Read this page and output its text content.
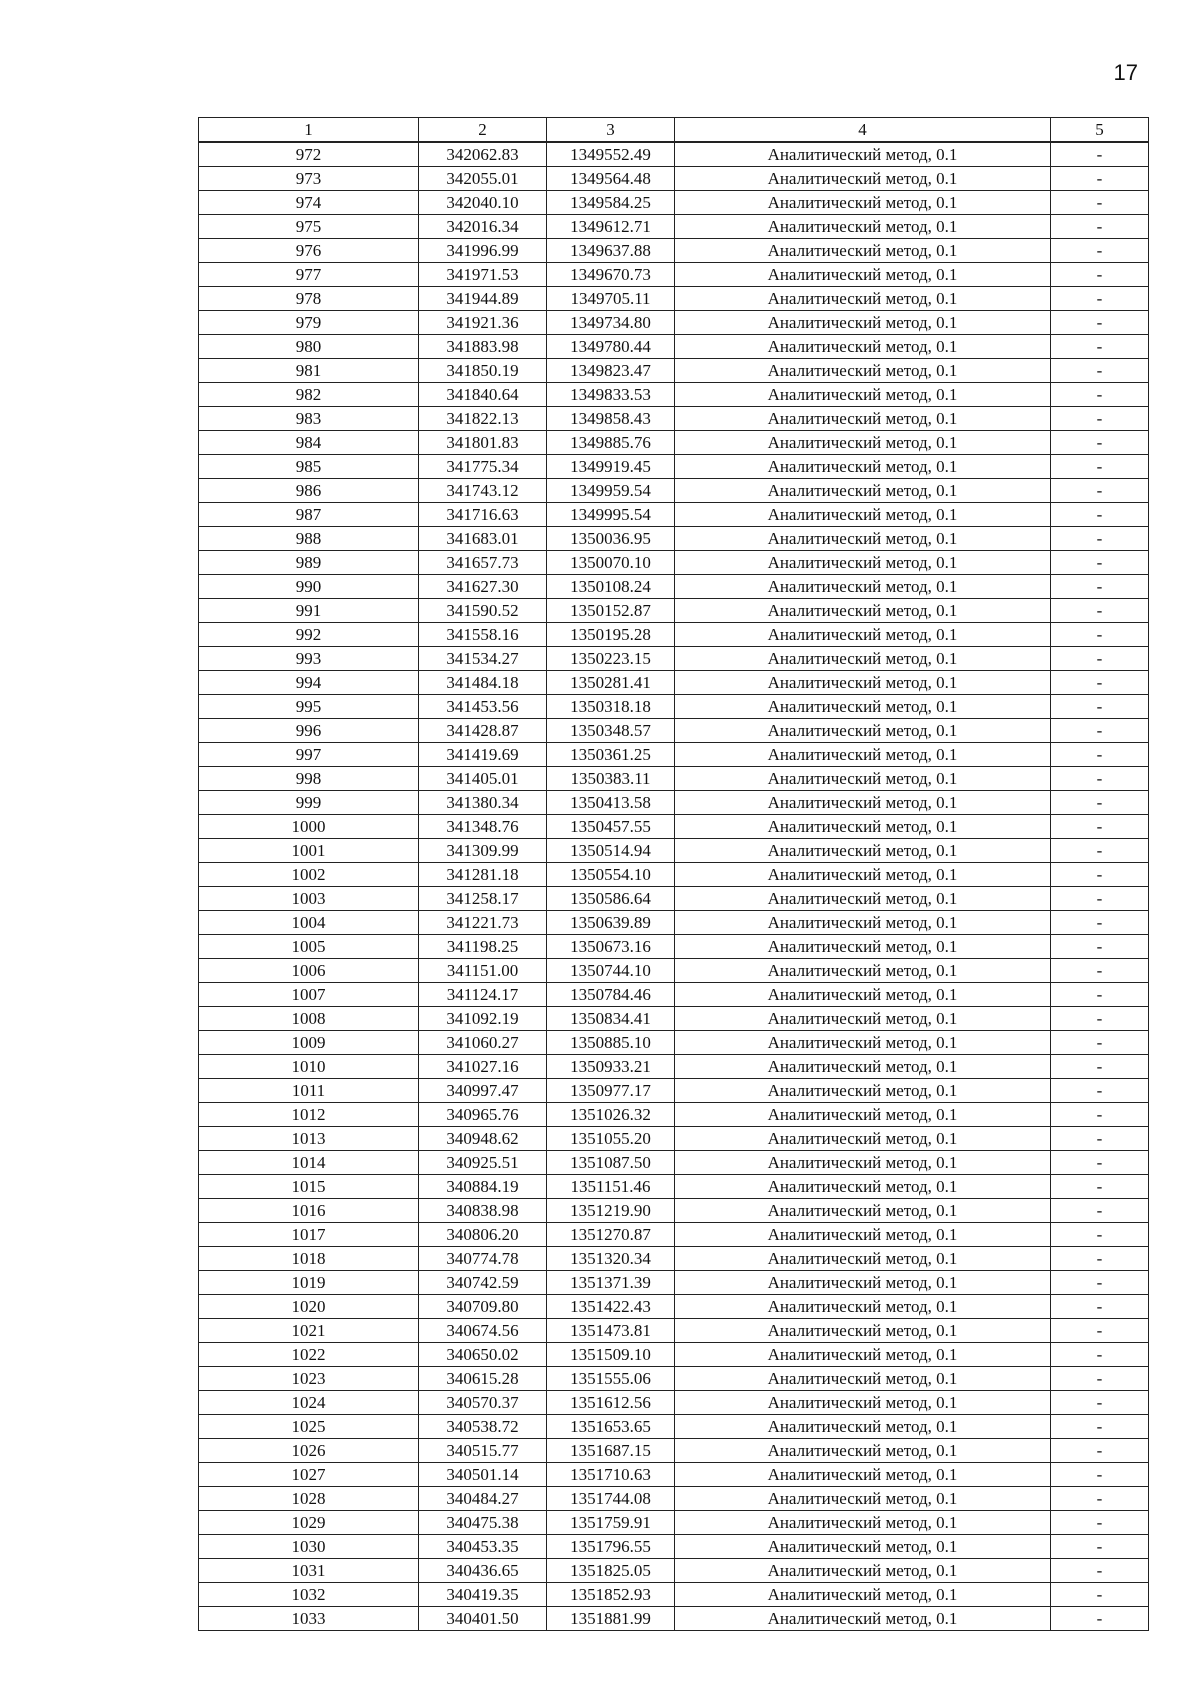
17
1	2	3	4	5
972	342062.83	1349552.49	Аналитический метод, 0.1	-
973	342055.01	1349564.48	Аналитический метод, 0.1	-
974	342040.10	1349584.25	Аналитический метод, 0.1	-
975	342016.34	1349612.71	Аналитический метод, 0.1	-
976	341996.99	1349637.88	Аналитический метод, 0.1	-
977	341971.53	1349670.73	Аналитический метод, 0.1	-
978	341944.89	1349705.11	Аналитический метод, 0.1	-
979	341921.36	1349734.80	Аналитический метод, 0.1	-
980	341883.98	1349780.44	Аналитический метод, 0.1	-
981	341850.19	1349823.47	Аналитический метод, 0.1	-
982	341840.64	1349833.53	Аналитический метод, 0.1	-
983	341822.13	1349858.43	Аналитический метод, 0.1	-
984	341801.83	1349885.76	Аналитический метод, 0.1	-
985	341775.34	1349919.45	Аналитический метод, 0.1	-
986	341743.12	1349959.54	Аналитический метод, 0.1	-
987	341716.63	1349995.54	Аналитический метод, 0.1	-
988	341683.01	1350036.95	Аналитический метод, 0.1	-
989	341657.73	1350070.10	Аналитический метод, 0.1	-
990	341627.30	1350108.24	Аналитический метод, 0.1	-
991	341590.52	1350152.87	Аналитический метод, 0.1	-
992	341558.16	1350195.28	Аналитический метод, 0.1	-
993	341534.27	1350223.15	Аналитический метод, 0.1	-
994	341484.18	1350281.41	Аналитический метод, 0.1	-
995	341453.56	1350318.18	Аналитический метод, 0.1	-
996	341428.87	1350348.57	Аналитический метод, 0.1	-
997	341419.69	1350361.25	Аналитический метод, 0.1	-
998	341405.01	1350383.11	Аналитический метод, 0.1	-
999	341380.34	1350413.58	Аналитический метод, 0.1	-
1000	341348.76	1350457.55	Аналитический метод, 0.1	-
1001	341309.99	1350514.94	Аналитический метод, 0.1	-
1002	341281.18	1350554.10	Аналитический метод, 0.1	-
1003	341258.17	1350586.64	Аналитический метод, 0.1	-
1004	341221.73	1350639.89	Аналитический метод, 0.1	-
1005	341198.25	1350673.16	Аналитический метод, 0.1	-
1006	341151.00	1350744.10	Аналитический метод, 0.1	-
1007	341124.17	1350784.46	Аналитический метод, 0.1	-
1008	341092.19	1350834.41	Аналитический метод, 0.1	-
1009	341060.27	1350885.10	Аналитический метод, 0.1	-
1010	341027.16	1350933.21	Аналитический метод, 0.1	-
1011	340997.47	1350977.17	Аналитический метод, 0.1	-
1012	340965.76	1351026.32	Аналитический метод, 0.1	-
1013	340948.62	1351055.20	Аналитический метод, 0.1	-
1014	340925.51	1351087.50	Аналитический метод, 0.1	-
1015	340884.19	1351151.46	Аналитический метод, 0.1	-
1016	340838.98	1351219.90	Аналитический метод, 0.1	-
1017	340806.20	1351270.87	Аналитический метод, 0.1	-
1018	340774.78	1351320.34	Аналитический метод, 0.1	-
1019	340742.59	1351371.39	Аналитический метод, 0.1	-
1020	340709.80	1351422.43	Аналитический метод, 0.1	-
1021	340674.56	1351473.81	Аналитический метод, 0.1	-
1022	340650.02	1351509.10	Аналитический метод, 0.1	-
1023	340615.28	1351555.06	Аналитический метод, 0.1	-
1024	340570.37	1351612.56	Аналитический метод, 0.1	-
1025	340538.72	1351653.65	Аналитический метод, 0.1	-
1026	340515.77	1351687.15	Аналитический метод, 0.1	-
1027	340501.14	1351710.63	Аналитический метод, 0.1	-
1028	340484.27	1351744.08	Аналитический метод, 0.1	-
1029	340475.38	1351759.91	Аналитический метод, 0.1	-
1030	340453.35	1351796.55	Аналитический метод, 0.1	-
1031	340436.65	1351825.05	Аналитический метод, 0.1	-
1032	340419.35	1351852.93	Аналитический метод, 0.1	-
1033	340401.50	1351881.99	Аналитический метод, 0.1	-
